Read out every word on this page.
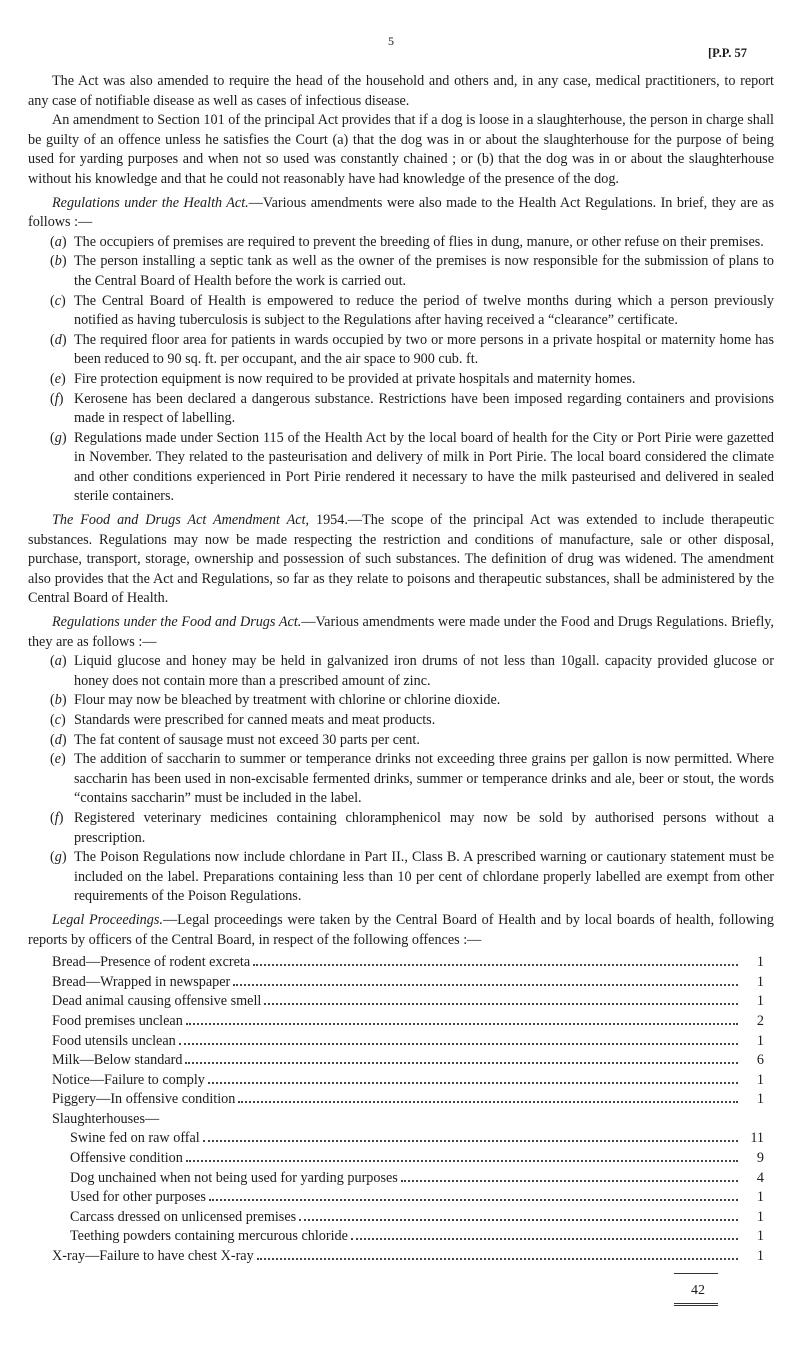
5
[P.P. 57

The Act was also amended to require the head of the household and others and, in any case, medical practitioners, to report any case of notifiable disease as well as cases of infectious disease.

An amendment to Section 101 of the principal Act provides that if a dog is loose in a slaughterhouse, the person in charge shall be guilty of an offence unless he satisfies the Court (a) that the dog was in or about the slaughterhouse for the purpose of being used for yarding purposes and when not so used was constantly chained ; or (b) that the dog was in or about the slaughterhouse without his knowledge and that he could not reasonably have had knowledge of the presence of the dog.

Regulations under the Health Act.—Various amendments were also made to the Health Act Regulations. In brief, they are as follows :—

(a) The occupiers of premises are required to prevent the breeding of flies in dung, manure, or other refuse on their premises.
(b) The person installing a septic tank as well as the owner of the premises is now responsible for the submission of plans to the Central Board of Health before the work is carried out.
(c) The Central Board of Health is empowered to reduce the period of twelve months during which a person previously notified as having tuberculosis is subject to the Regulations after having received a “clearance” certificate.
(d) The required floor area for patients in wards occupied by two or more persons in a private hospital or maternity home has been reduced to 90 sq. ft. per occupant, and the air space to 900 cub. ft.
(e) Fire protection equipment is now required to be provided at private hospitals and maternity homes.
(f) Kerosene has been declared a dangerous substance. Restrictions have been imposed regarding containers and provisions made in respect of labelling.
(g) Regulations made under Section 115 of the Health Act by the local board of health for the City or Port Pirie were gazetted in November. They related to the pasteurisation and delivery of milk in Port Pirie. The local board considered the climate and other conditions experienced in Port Pirie rendered it necessary to have the milk pasteurised and delivered in sealed sterile containers.

The Food and Drugs Act Amendment Act, 1954.—The scope of the principal Act was extended to include therapeutic substances. Regulations may now be made respecting the restriction and conditions of manufacture, sale or other disposal, purchase, transport, storage, ownership and possession of such substances. The definition of drug was widened. The amendment also provides that the Act and Regulations, so far as they relate to poisons and therapeutic substances, shall be administered by the Central Board of Health.

Regulations under the Food and Drugs Act.—Various amendments were made under the Food and Drugs Regulations. Briefly, they are as follows :—

(a) Liquid glucose and honey may be held in galvanized iron drums of not less than 10gall. capacity provided glucose or honey does not contain more than a prescribed amount of zinc.
(b) Flour may now be bleached by treatment with chlorine or chlorine dioxide.
(c) Standards were prescribed for canned meats and meat products.
(d) The fat content of sausage must not exceed 30 parts per cent.
(e) The addition of saccharin to summer or temperance drinks not exceeding three grains per gallon is now permitted. Where saccharin has been used in non-excisable fermented drinks, summer or temperance drinks and ale, beer or stout, the words “contains saccharin” must be included in the label.
(f) Registered veterinary medicines containing chloramphenicol may now be sold by authorised persons without a prescription.
(g) The Poison Regulations now include chlordane in Part II., Class B. A prescribed warning or cautionary statement must be included on the label. Preparations containing less than 10 per cent of chlordane properly labelled are exempt from other requirements of the Poison Regulations.

Legal Proceedings.—Legal proceedings were taken by the Central Board of Health and by local boards of health, following reports by officers of the Central Board, in respect of the following offences :—

Bread—Presence of rodent excreta	1
Bread—Wrapped in newspaper	1
Dead animal causing offensive smell	1
Food premises unclean	2
Food utensils unclean	1
Milk—Below standard	6
Notice—Failure to comply	1
Piggery—In offensive condition	1
Slaughterhouses—
Swine fed on raw offal	11
Offensive condition	9
Dog unchained when not being used for yarding purposes	4
Used for other purposes	1
Carcass dressed on unlicensed premises	1
Teething powders containing mercurous chloride	1
X-ray—Failure to have chest X-ray	1
42
